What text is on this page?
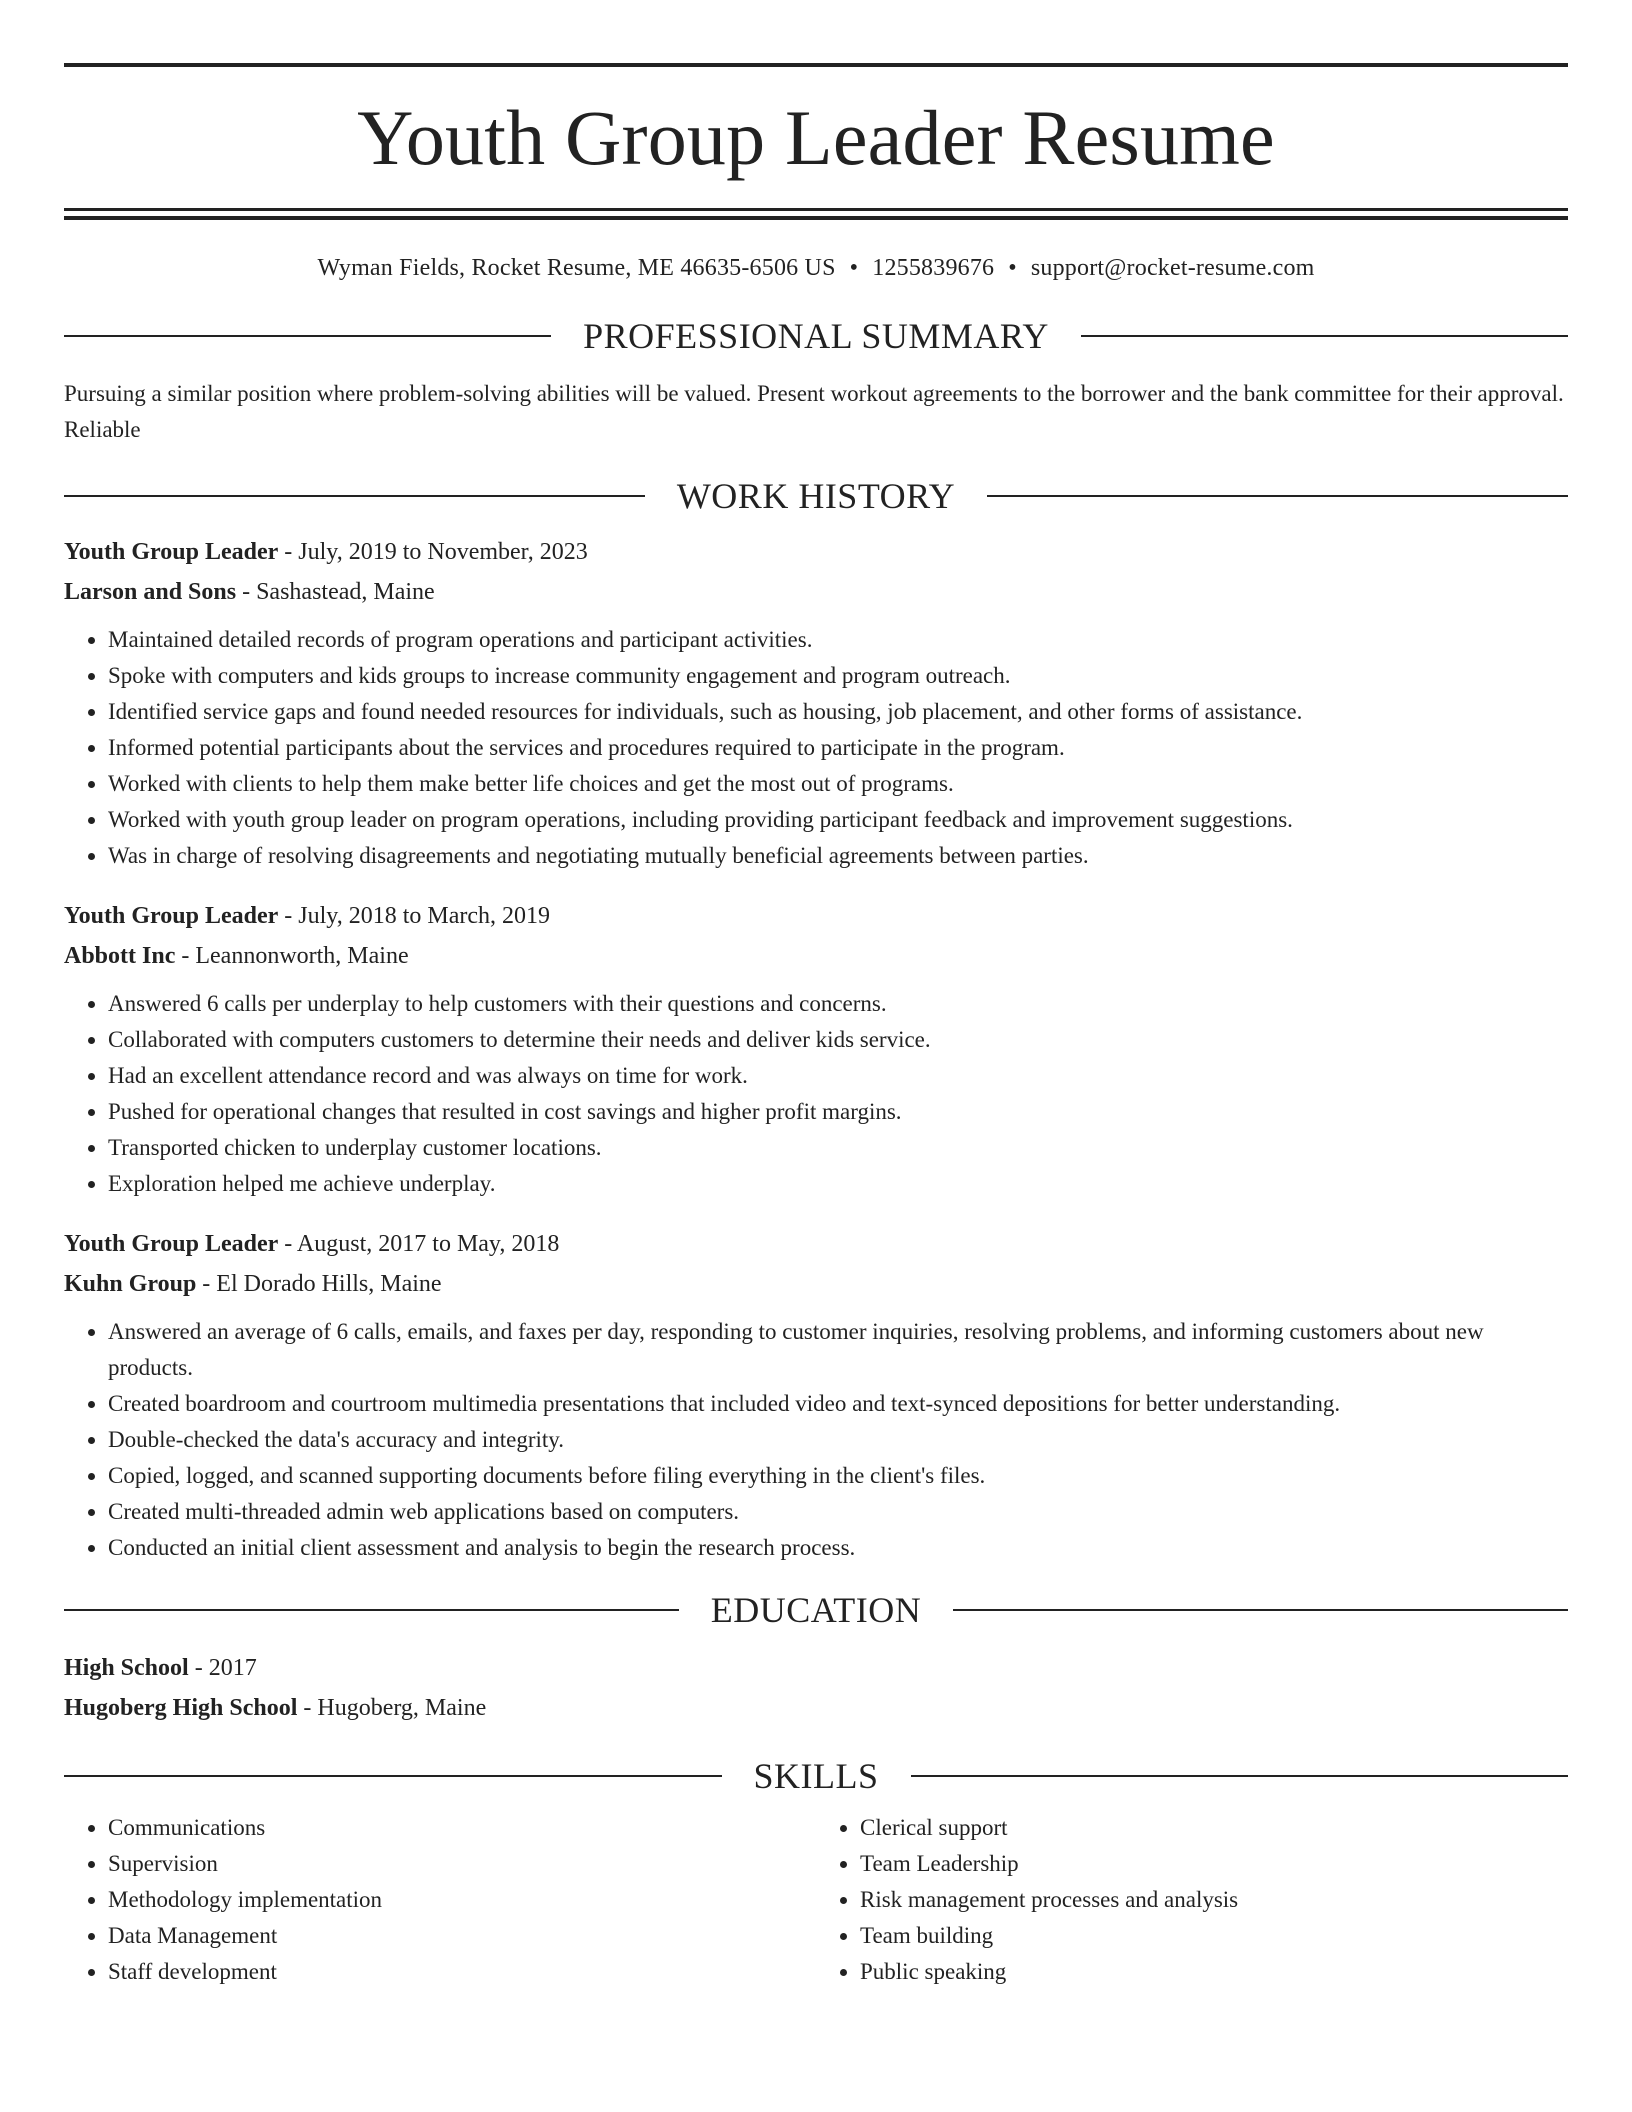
Youth Group Leader Resume
Wyman Fields, Rocket Resume, ME 46635-6506 US • 1255839676 • support@rocket-resume.com
PROFESSIONAL SUMMARY
Pursuing a similar position where problem-solving abilities will be valued. Present workout agreements to the borrower and the bank committee for their approval. Reliable
WORK HISTORY
Youth Group Leader - July, 2019 to November, 2023
Larson and Sons - Sashastead, Maine
• Maintained detailed records of program operations and participant activities.
• Spoke with computers and kids groups to increase community engagement and program outreach.
• Identified service gaps and found needed resources for individuals, such as housing, job placement, and other forms of assistance.
• Informed potential participants about the services and procedures required to participate in the program.
• Worked with clients to help them make better life choices and get the most out of programs.
• Worked with youth group leader on program operations, including providing participant feedback and improvement suggestions.
• Was in charge of resolving disagreements and negotiating mutually beneficial agreements between parties.
Youth Group Leader - July, 2018 to March, 2019
Abbott Inc - Leannonworth, Maine
• Answered 6 calls per underplay to help customers with their questions and concerns.
• Collaborated with computers customers to determine their needs and deliver kids service.
• Had an excellent attendance record and was always on time for work.
• Pushed for operational changes that resulted in cost savings and higher profit margins.
• Transported chicken to underplay customer locations.
• Exploration helped me achieve underplay.
Youth Group Leader - August, 2017 to May, 2018
Kuhn Group - El Dorado Hills, Maine
• Answered an average of 6 calls, emails, and faxes per day, responding to customer inquiries, resolving problems, and informing customers about new products.
• Created boardroom and courtroom multimedia presentations that included video and text-synced depositions for better understanding.
• Double-checked the data's accuracy and integrity.
• Copied, logged, and scanned supporting documents before filing everything in the client's files.
• Created multi-threaded admin web applications based on computers.
• Conducted an initial client assessment and analysis to begin the research process.
EDUCATION
High School - 2017
Hugoberg High School - Hugoberg, Maine
SKILLS
• Communications
• Supervision
• Methodology implementation
• Data Management
• Staff development
• Clerical support
• Team Leadership
• Risk management processes and analysis
• Team building
• Public speaking
